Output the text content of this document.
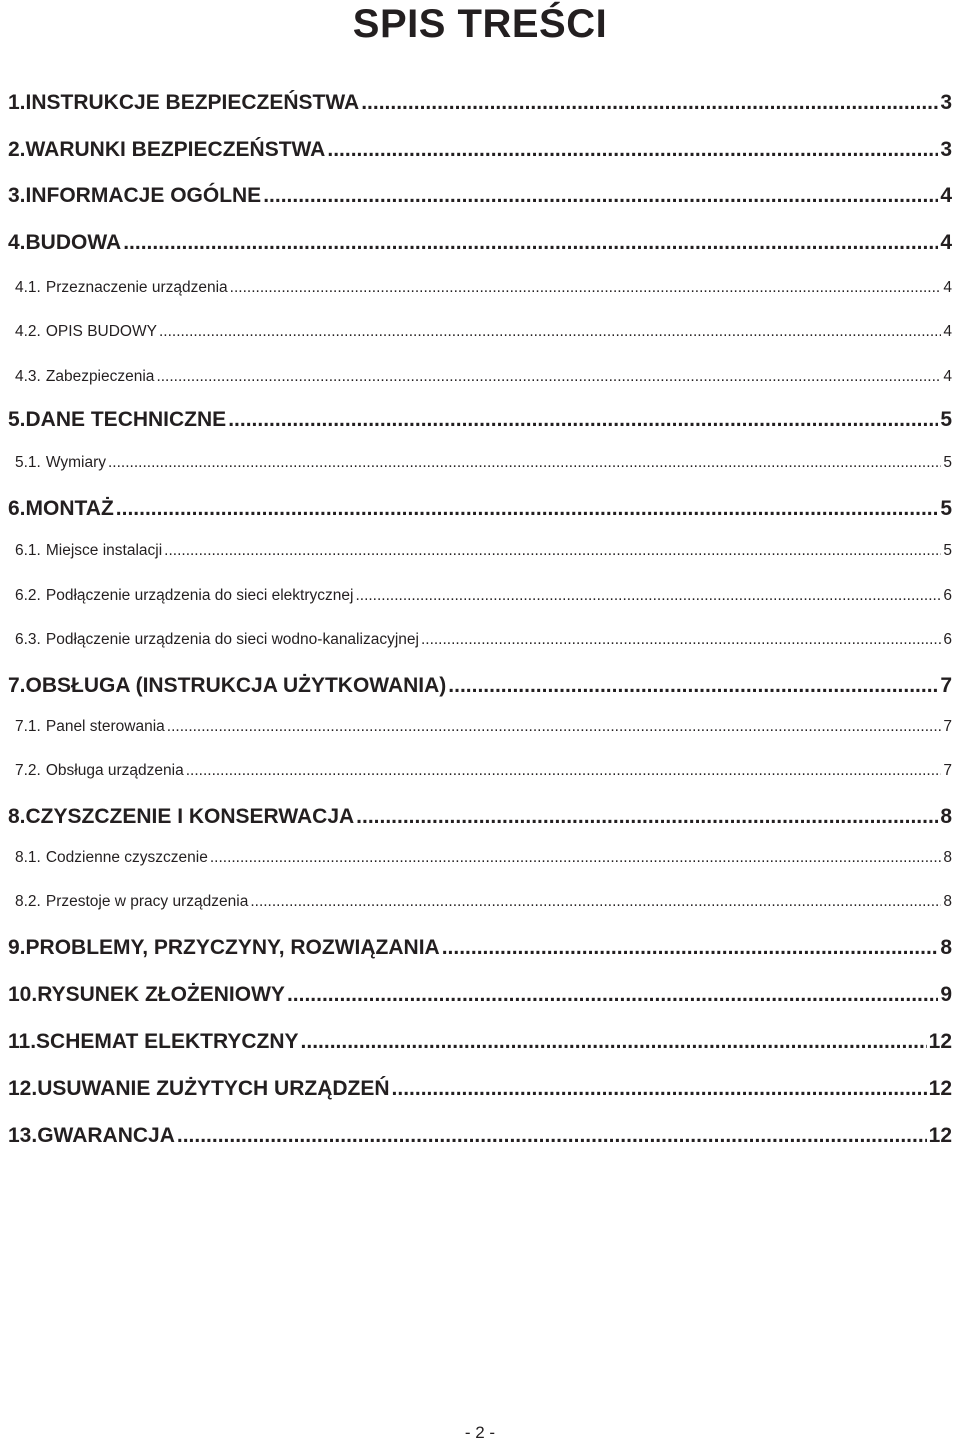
SPIS TREŚCI
1. INSTRUKCJE BEZPIECZEŃSTWA .....	3
2. WARUNKI BEZPIECZEŃSTWA .....	3
3. INFORMACJE OGÓLNE .....	4
4. BUDOWA .....	4
4.1. Przeznaczenie urządzenia .....	4
4.2. OPIS BUDOWY .....	4
4.3. Zabezpieczenia .....	4
5. DANE TECHNICZNE .....	5
5.1. Wymiary .....	5
6. MONTAŻ .....	5
6.1. Miejsce instalacji .....	5
6.2. Podłączenie urządzenia do sieci elektrycznej .....	6
6.3. Podłączenie urządzenia do sieci wodno-kanalizacyjnej .....	6
7. OBSŁUGA (INSTRUKCJA UŻYTKOWANIA) .....	7
7.1. Panel sterowania .....	7
7.2. Obsługa urządzenia .....	7
8. CZYSZCZENIE I KONSERWACJA .....	8
8.1. Codzienne czyszczenie .....	8
8.2. Przestoje w pracy urządzenia .....	8
9. PROBLEMY, PRZYCZYNY, ROZWIĄZANIA .....	8
10. RYSUNEK ZŁOŻENIOWY .....	9
11. SCHEMAT ELEKTRYCZNY .....	12
12. USUWANIE ZUŻYTYCH URZĄDZEŃ .....	12
13. GWARANCJA .....	12
- 2 -
